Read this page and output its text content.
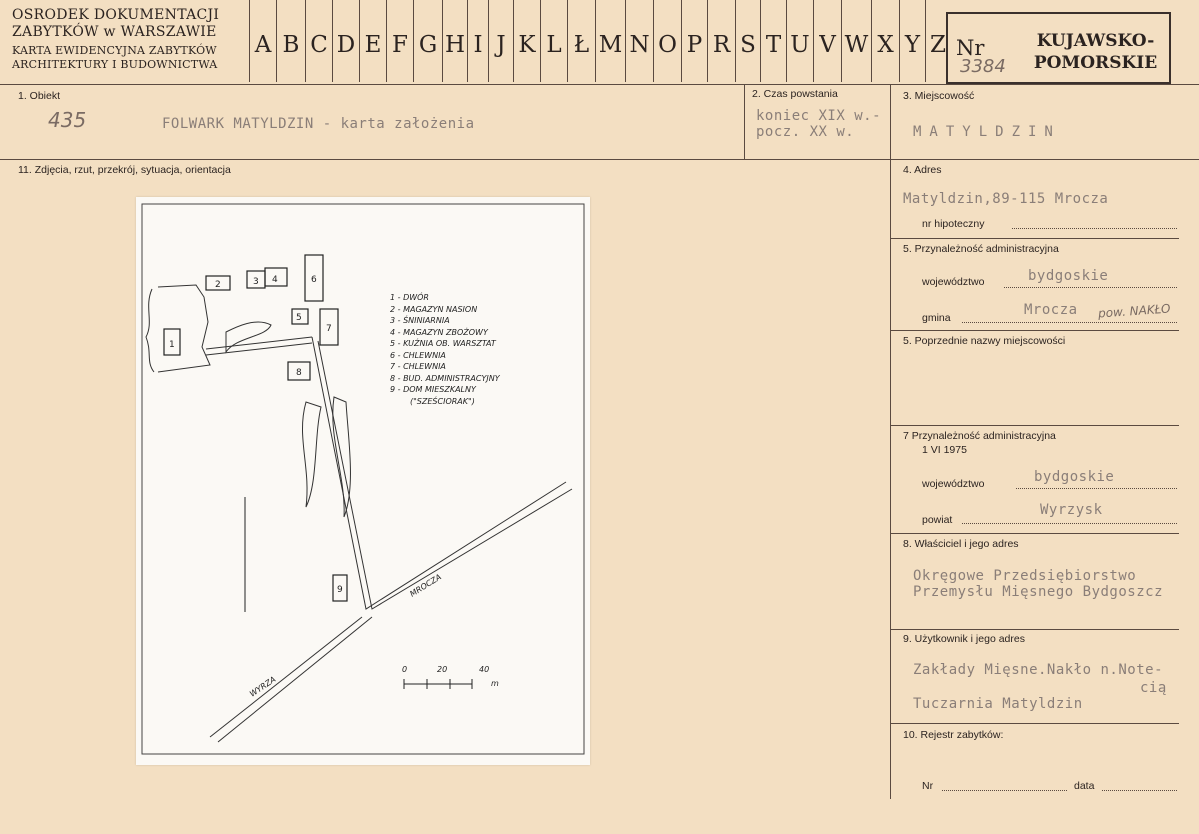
OSRODEK DOKUMENTACJI
ZABYTKÓW w WARSZAWIE
KARTA EWIDENCYJNA ZABYTKÓW
ARCHITEKTURY I BUDOWNICTWA
A B C D E F G H I J K L Ł M N O P R S T U V W X Y Z Nr
3384
KUJAWSKO-
POMORSKIE
1. Obiekt
435	FOLWARK MATYLDZIN - karta założenia
2. Czas powstania
koniec XIX w.-
pocz. XX w.
3. Miejscowość
MATYLDZIN
11. Zdjęcia, rzut, przekrój, sytuacja, orientacja
1
2	3 4	6
5
7
8
9
0	20	40
m
MROCZA
WYRZA
1 - DWÓR
2 - MAGAZYN NASION
3 - ŚNINIARNIA
4 - MAGAZYN ZBOŻOWY
5 - KUŹNIA OB. WARSZTAT
6 - CHLEWNIA
7 - CHLEWNIA
8 - BUD. ADMINISTRACYJNY
9 - DOM MIESZKALNY
("SZEŚCIORAK")
4. Adres
Matyldzin,89-115 Mrocza
nr hipoteczny
5. Przynależność administracyjna
województwo	bydgoskie
gmina	Mrocza pow. NAKŁO
5. Poprzednie nazwy miejscowości
7 Przynależność administracyjna
1 VI 1975
województwo	bydgoskie
powiat
Wyrzysk
8. Właściciel i jego adres
Okręgowe Przedsiębiorstwo
Przemysłu Mięsnego Bydgoszcz
9. Użytkownik i jego adres
Zakłady Mięsne.Nakło n.Note-
cią
Tuczarnia Matyldzin
10. Rejestr zabytków:
Nr	data
